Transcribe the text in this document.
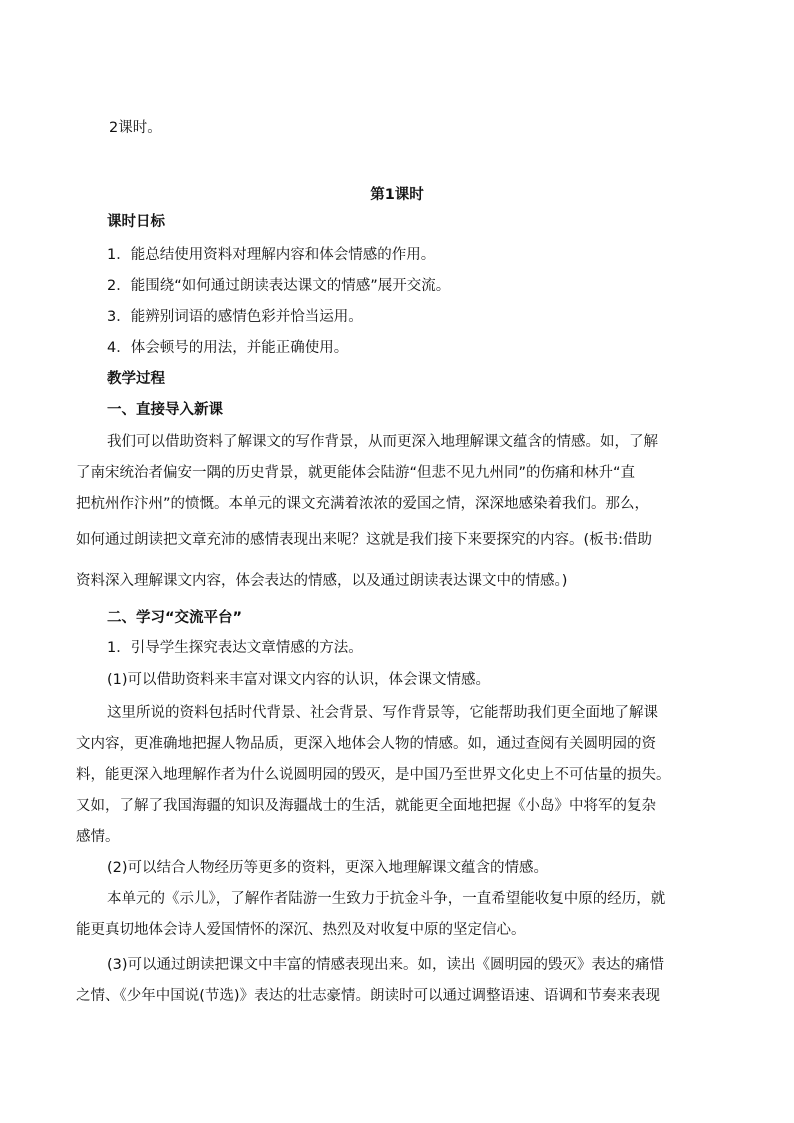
2课时。
第1课时
课时日标
1．能总结使用资料对理解内容和体会情感的作用。
2．能围绕“如何通过朗读表达课文的情感”展开交流。
3．能辨别词语的感情色彩并恰当运用。
4．体会顿号的用法，并能正确使用。
教学过程
一、直接导入新课
我们可以借助资料了解课文的写作背景，从而更深入地理解课文蕴含的情感。如，了解
了南宋统治者偏安一隅的历史背景，就更能体会陆游“但悲不见九州同”的伤痛和林升“直
把杭州作汴州”的愤慨。本单元的课文充满着浓浓的爱国之情，深深地感染着我们。那么，
如何通过朗读把文章充沛的感情表现出来呢？这就是我们接下来要探究的内容。(板书:借助
资料深入理解课文内容，体会表达的情感，以及通过朗读表达课文中的情感。)
二、学习“交流平台”
1．引导学生探究表达文章情感的方法。
(1)可以借助资料来丰富对课文内容的认识，体会课文情感。
这里所说的资料包括时代背景、社会背景、写作背景等，它能帮助我们更全面地了解课
文内容，更准确地把握人物品质，更深入地体会人物的情感。如，通过查阅有关圆明园的资
料，能更深入地理解作者为什么说圆明园的毁灭，是中国乃至世界文化史上不可估量的损失。
又如，了解了我国海疆的知识及海疆战士的生活，就能更全面地把握《小岛》中将军的复杂
感情。
(2)可以结合人物经历等更多的资料，更深入地理解课文蕴含的情感。
本单元的《示儿》，了解作者陆游一生致力于抗金斗争，一直希望能收复中原的经历，就
能更真切地体会诗人爱国情怀的深沉、热烈及对收复中原的坚定信心。
(3)可以通过朗读把课文中丰富的情感表现出来。如，读出《圆明园的毁灭》表达的痛惜
之情、《少年中国说(节选)》表达的壮志豪情。朗读时可以通过调整语速、语调和节奏来表现
